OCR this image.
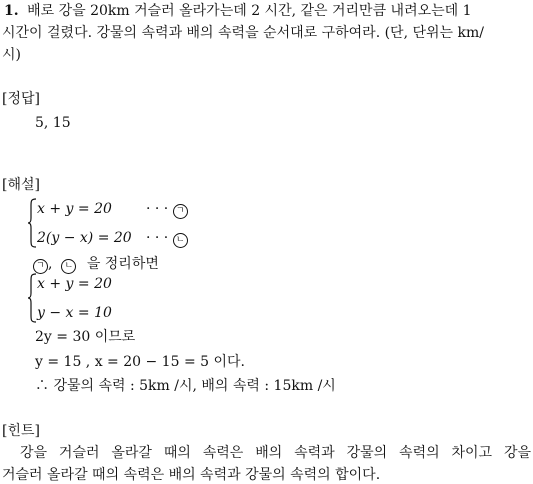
1. 배로 강을 20km 거슬러 올라가는데 2 시간, 같은 거리만큼 내려오는데 1
시간이 걸렸다. 강물의 속력과 배의 속력을 순서대로 구하여라. (단, 단위는 km/
시)
[정답]
5, 15
[해설]
x + y = 20 · · · ㄱ
2(y − x) = 20 · · · ㄴ
ㄱ ,  ㄴ 을 정리하면
x + y = 20
y − x = 10
2y = 30 이므로
y = 15 , x = 20 − 15 = 5 이다.
∴ 강물의 속력 : 5km /시, 배의 속력 : 15km /시
[힌트]
강을 거슬러 올라갈 때의 속력은 배의 속력과 강물의 속력의 차이고 강을
거슬러 올라갈 때의 속력은 배의 속력과 강물의 속력의 합이다.
